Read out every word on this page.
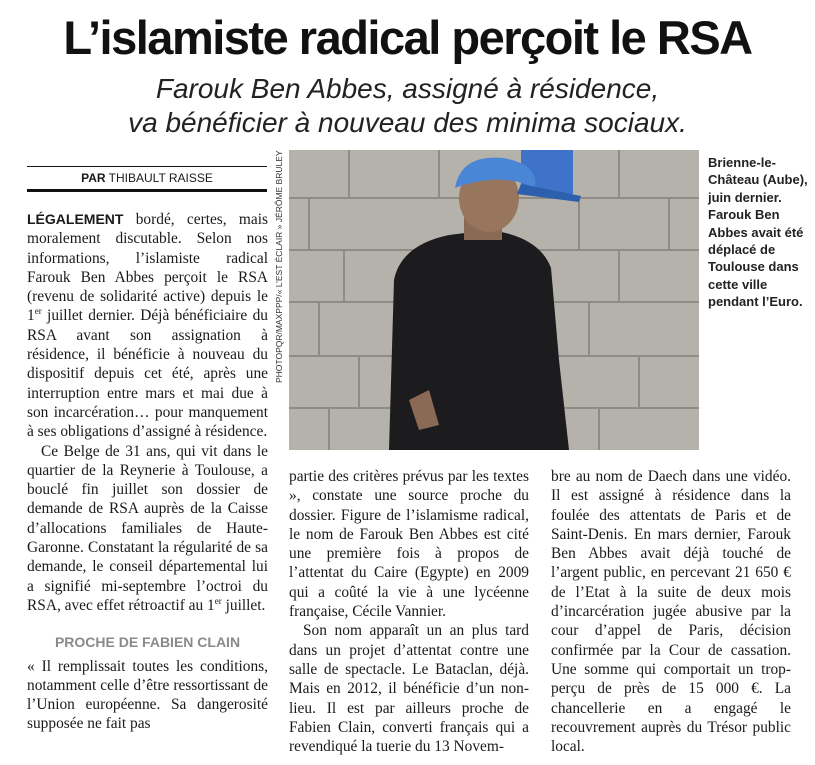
L’islamiste radical perçoit le RSA
Farouk Ben Abbes, assigné à résidence,
va bénéficier à nouveau des minima sociaux.
PAR THIBAULT RAISSE

LÉGALEMENT bordé, certes, mais moralement discutable. Selon nos informations, l’islamiste radical Farouk Ben Abbes perçoit le RSA (revenu de solidarité active) depuis le 1er juillet dernier. Déjà bénéficiaire du RSA avant son assignation à résidence, il bénéficie à nouveau du dispositif depuis cet été, après une interruption entre mars et mai due à son incarcération… pour manquement à ses obligations d’assigné à résidence.

Ce Belge de 31 ans, qui vit dans le quartier de la Reynerie à Toulouse, a bouclé fin juillet son dossier de demande de RSA auprès de la Caisse d’allocations familiales de Haute-Garonne. Constatant la régularité de sa demande, le conseil départemental lui a signifié mi-septembre l’octroi du RSA, avec effet rétroactif au 1er juillet.

PROCHE DE FABIEN CLAIN

« Il remplissait toutes les conditions, notamment celle d’être ressortissant de l’Union européenne. Sa dangerosité supposée ne fait pas

PHOTOPQR/MAXPPP/« L’EST ÉCLAIR » JÉRÔME BRULEY	Brienne-le-Château (Aube), juin dernier. Farouk Ben Abbes avait été déplacé de Toulouse dans cette ville pendant l’Euro.

partie des critères prévus par les textes », constate une source proche du dossier. Figure de l’islamisme radical, le nom de Farouk Ben Abbes est cité une première fois à propos de l’attentat du Caire (Egypte) en 2009 qui a coûté la vie à une lycéenne française, Cécile Vannier.

Son nom apparaît un an plus tard dans un projet d’attentat contre une salle de spectacle. Le Bataclan, déjà. Mais en 2012, il bénéficie d’un non-lieu. Il est par ailleurs proche de Fabien Clain, converti français qui a revendiqué la tuerie du 13 Novem-

bre au nom de Daech dans une vidéo. Il est assigné à résidence dans la foulée des attentats de Paris et de Saint-Denis. En mars dernier, Farouk Ben Abbes avait déjà touché de l’argent public, en percevant 21 650 € de l’Etat à la suite de deux mois d’incarcération jugée abusive par la cour d’appel de Paris, décision confirmée par la Cour de cassation. Une somme qui comportait un trop-perçu de près de 15 000 €. La chancellerie en a engagé le recouvrement auprès du Trésor public local.
